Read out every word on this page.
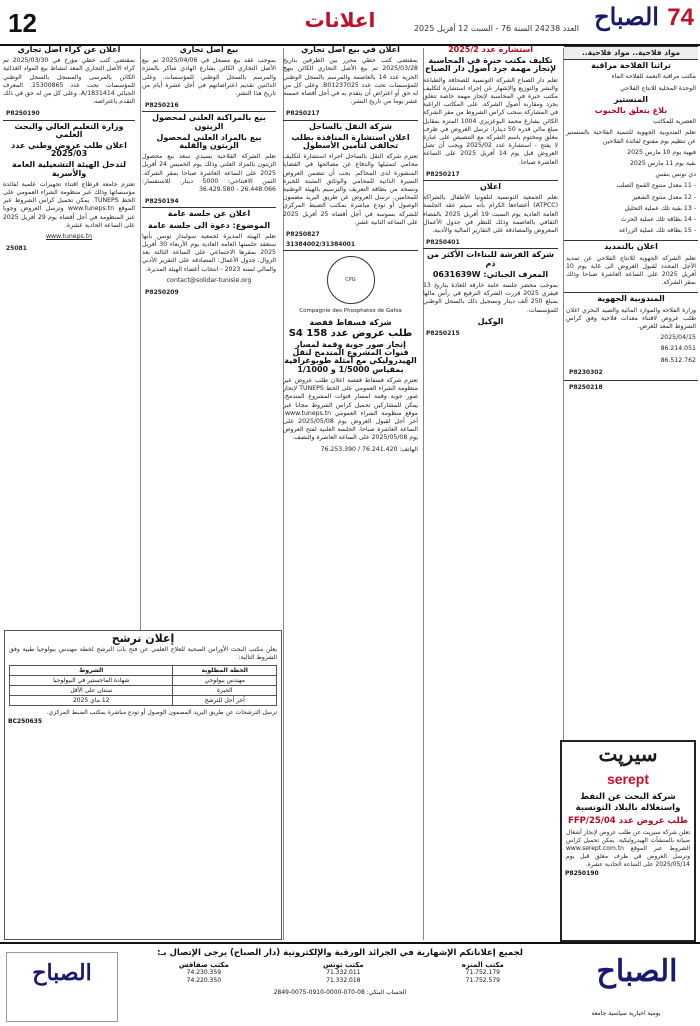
12	اعلانات	74 الصباح
العدد 24238 السنة 76 - السبت 12 أفريل 2025
مواد فلاحية.. مواد فلاحية..

تراثنا الفلاحة مراقبة

مكتب مراقبة التعمد للفلاحة الماء

الوحدة المحلية للانتاج الفلاحي

المنستير

بلاغ يتعلق بالحبوب

العصرية للمكاتب

تعلم المندوبية الجهوية للتنمية الفلاحية بالمنستير عن تنظيم يوم مفتوح لفائدة الفلاحين

فبهية يوم 10 مارس 2025

بقية يوم 11 مارس 2025

دي تونس بنفس

- 11 معدل منتوج القمح الصلب

- 12 معدل منتوج الشعير

- 13 بقية تلك عملية التحليل

- 14 بطاقة تلك عملية الحرث

- 15 بطاقة تلك عملية الزراعة

اعلان بالتمديد

تعلم الشركة الجهوية للانتاج الفلاحي عن تمديد الأجل المحدد لقبول العروض الى غاية يوم 10 أفريل 2025 على الساعة العاشرة صباحا وذلك بمقر الشركة.

المندوبية الجهوية

وزارة الفلاحة والموارد المائية والصيد البحري اعلان طلب عروض لاقتناء معدات فلاحية وفق كراس الشروط المعد للغرض.

2025/04/15

86.214.051

86.512.762

P8230302
P8250218

استشارة عدد 2025/2

تكليف مكتب خبرة في المحاسبة لإنجاز مهمة جرد أصول دار الصباح

تعلم دار الصباح الشركة التونسية للصحافة والطباعة والنشر والتوزيع والإشهار عن إجراء استشارة لتكليف مكتب خبرة في المحاسبة لإنجاز مهمة خاصة تتعلق بجرد ومقاربة أصول الشركة. على المكاتب الراغبة في المشاركة سحب كراس الشروط من مقر الشركة الكائن بشارع محمد البوعزيزي 1004 المنزه بمقابل مبلغ مالي قدره 50 دينارا. ترسل العروض في ظرف مغلق ومختوم باسم الشركة مع التنصيص على عبارة لا يفتح - استشارة عدد 2025/02 ويجب أن تصل العروض قبل يوم 14 أفريل 2025 على الساعة العاشرة صباحا.

P8250217

اعلان

تعلم الجمعية التونسية لتلفونيا الأطفال بالشراكة (ATPCC) أعضاءها الكرام بأنه سيتم عقد الجلسة العامة العادية يوم السبت 19 أفريل 2025 بالفضاء الثقافي بالعاصمة وذلك للنظر في جدول الأعمال المعروض والمصادقة على التقارير المالية والأدبية.

P8250401

شركة الفرشة للبناءات الأكثر من ذم

المعرف الجبائي: 0631639W

بموجب محضر جلسة عامة خارقة للعادة بتاريخ 13 فيفري 2025 قررت الشركة الترفيع في رأس مالها بمبلغ 250 ألف دينار وتسجيل ذلك بالسجل الوطني للمؤسسات.

الوكيل

P8250215

اعلان في بيع أصل تجاري

بمقتضى كتب خطي محرر بين الطرفين بتاريخ 2025/03/28 تم بيع الأصل التجاري الكائن بنهج الحرية عدد 14 بالعاصمة والمرسم بالسجل الوطني للمؤسسات تحت عدد B01237025. وعلى كل من له حق أو اعتراض أن يتقدم به في أجل أقصاه خمسة عشر يوما من تاريخ النشر.

P8250217

شركة النقل بالساحل

اعلان استشارة المنافذة بطلب تحالفي لتأمين الأسطول

تعتزم شركة النقل بالساحل اجراء استشارة لتكليف محامي لتمثيلها والدفاع عن مصالحها في القضايا المنشورة لدى المحاكم. يجب أن تتضمن العروض السيرة الذاتية للمحامي والوثائق المثبتة للخبرة ونسخة من بطاقة التعريف والترسيم بالهيئة الوطنية للمحامين. ترسل العروض عن طريق البريد مضمون الوصول أو تودع مباشرة بمكتب الضبط المركزي للشركة بسوسة في أجل أقصاه 25 أفريل 2025 على الساعة الثانية عشر.

P8250827
31384002/31384001
CPG

Compagnie des Phosphates de Gafsa

شركة فسفاط قفصة

طلب عروض عدد 158 S4

إنجاز صور جوية وقمة لمسار قنوات المشروع المندمج لنقل الهيدروليكي مع أمثلة طوبوغرافية بمقياس 1/5000 و 1/1000

تعتزم شركة فسفاط قفصة اعلان طلب عروض عبر منظومة الشراء العمومي على الخط TUNEPS لإنجاز صور جوية وقمة لمسار قنوات المشروع المندمج. يمكن للمشاركين تحميل كراس الشروط مجانا عبر موقع منظومة الشراء العمومي www.tuneps.tn. آخر أجل لقبول العروض يوم 2025/05/08 على الساعة العاشرة صباحا. الجلسة العلنية لفتح العروض يوم 2025/05/08 على الساعة العاشرة والنصف.

الهاتف: 76.241.420 / 76.253.390

بيع أصل تجاري

بموجب عقد بيع مسجل في 2025/04/06 تم بيع الأصل التجاري الكائن بشارع الهادي شاكر بالمنزه والمرسم بالسجل الوطني للمؤسسات. وعلى الدائنين تقديم اعتراضاتهم في أجل عشرة أيام من تاريخ هذا النشر.

P8250216

بيع بالمراكنة العلني لمحصول الزيتون

بيع بالمزاد العلني لمحصول الزيتون والقلية

تعلم الشركة الفلاحية بسيدي سعد بيع محصول الزيتون بالمزاد العلني وذلك يوم الخميس 24 أفريل 2025 على الساعة العاشرة صباحا بمقر الشركة. الثمن الافتتاحي: 5000 دينار. للاستفسار: 26.448.066 - 36.429.580

P8250194

اعلان عن جلسة عامة

الموضوع: دعوة الى جلسة عامة

تعلم الهيئة المديرة لجمعية سوليدار تونس بأنها ستعقد جلستها العامة العادية يوم الأربعاء 30 أفريل 2025 بمقرها الاجتماعي على الساعة الثالثة بعد الزوال. جدول الأعمال: المصادقة على التقرير الأدبي والمالي لسنة 2023 - انتخاب أعضاء الهيئة المديرة.

contact@solidar-tunisie.org

P8250209

اعلان عن كراء أصل تجاري

بمقتضى كتب خطي مؤرخ في 2025/03/30 تم كراء الأصل التجاري المعد لنشاط بيع المواد الغذائية الكائن بالمرسى والمسجل بالسجل الوطني للمؤسسات تحت عدد 15300865. المعرف الجبائي 1831414/A. وعلى كل من له حق في ذلك التقدم باعتراضه.

P8250190

وزارة التعليم العالي والبحث العلمي

اعلان طلب عروض وطني عدد 2025/03

لتدخل الهيئة التشغيلية العامة والأسرية

تعتزم جامعة قرطاج اقتناء تجهيزات علمية لفائدة مؤسساتها وذلك عبر منظومة الشراء العمومي على الخط TUNEPS. يمكن تحميل كراس الشروط عبر الموقع www.tuneps.tn وترسل العروض وجوبا عبر المنظومة في أجل أقصاه يوم 29 أفريل 2025 على الساعة الحادية عشرة.

www.tuneps.tn

25081
إعلان ترشح
يعلن مكتب البحث الأوراس الصحية للعلاج العلمي عن فتح باب الترشح لخطة مهندس بيولوجيا طبية وفق الشروط التالية:
الخطة المطلوبة	الشروط
مهندس بيولوجي	شهادة الماجستير في البيولوجيا
الخبرة	سنتان على الأقل
آخر أجل للترشح	12 ماي 2025
ترسل الترشحات عن طريق البريد المضمون الوصول أو تودع مباشرة بمكتب الضبط المركزي.
BC250635
سيرپت
serept
شركة البحث عن النفط واستغلاله بالبلاد التونسية
طلب عروض عدد FFP/25/04
تعلن شركة سيرپت عن طلب عروض لإنجاز أشغال صيانة بالمنشآت الهيدروليكية. يمكن تحميل كراس الشروط عبر الموقع www.serept.com.tn وترسل العروض في ظرف مغلق قبل يوم 2025/05/14 على الساعة الحادية عشرة.
P8250190
الصباح
يومية اخبارية سياسية جامعة
لجميع إعلاناتكم الإشهارية في الجرائد الورقية والإلكترونية (دار الصباح) يرجى الإتصال بـ:
مكتب المنزه
71.752.179
71.752.579
مكتب تونس
71.332.011
71.332.018
مكتب صفاقس
74.230.359
74.220.350
الحساب البنكي: 08-070-0000-0910-0075-2849
الصباح
